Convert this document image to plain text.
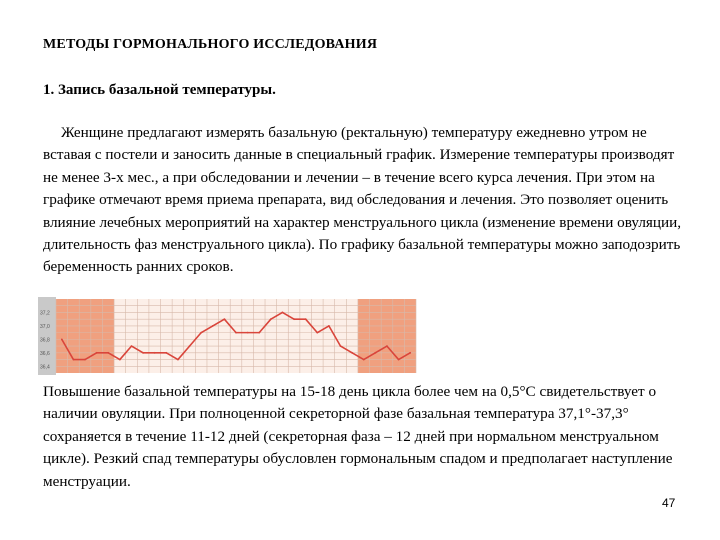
МЕТОДЫ ГОРМОНАЛЬНОГО ИССЛЕДОВАНИЯ
1. Запись базальной температуры.
Женщине предлагают измерять базальную (ректальную) температуру ежедневно утром не вставая с постели и заносить данные в специальный график. Измерение температуры производят не менее 3-х мес., а при обследовании и лечении – в течение всего курса лечения. При этом на графике отмечают время приема препарата, вид обследования и лечения. Это позволяет оценить влияние лечебных мероприятий на характер менструального цикла (изменение времени овуляции, длительность фаз менструального цикла). По графику базальной температуры можно заподозрить беременность ранних сроков.
37,2
37,0
36,8
36,6
36,4
Повышение базальной температуры на 15-18 день цикла более чем на 0,5°С свидетельствует о наличии овуляции. При полноценной секреторной фазе базальная температура 37,1°-37,3° сохраняется в течение 11-12 дней (секреторная фаза – 12 дней при нормальном менструальном цикле). Резкий спад температуры обусловлен гормональным спадом и предполагает наступление менструации.
47
